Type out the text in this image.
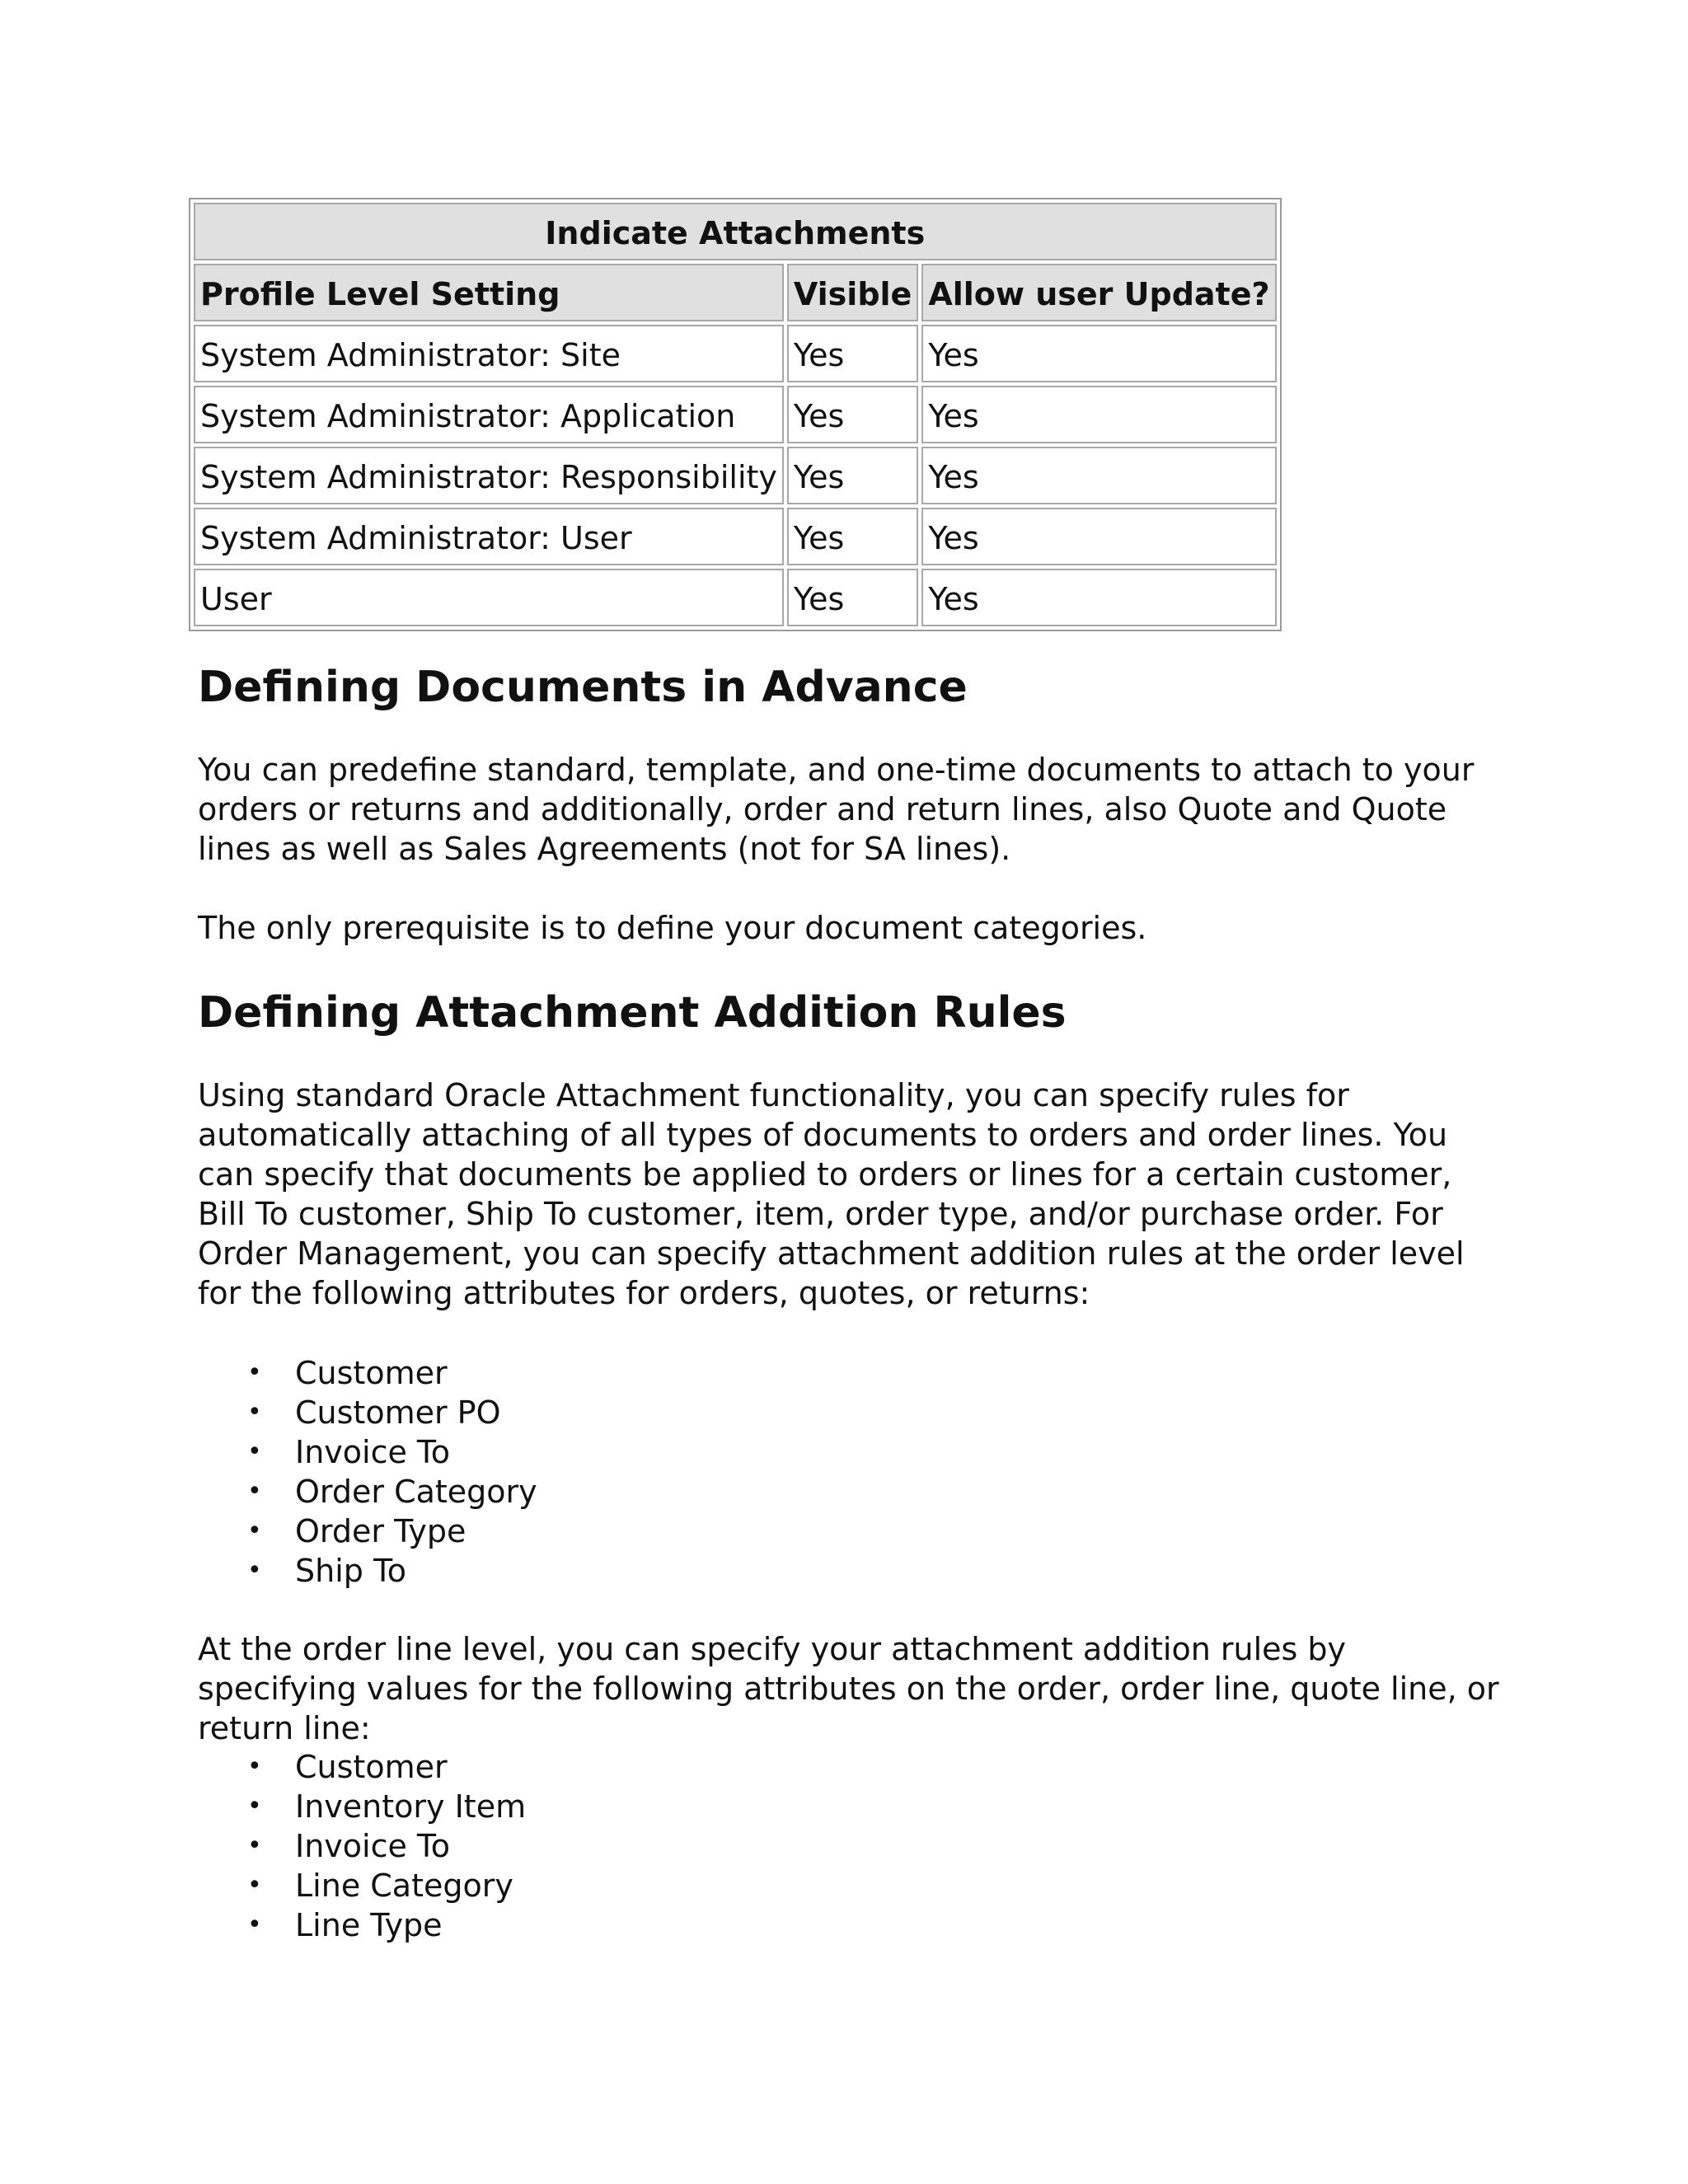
Indicate Attachments		
Profile Level Setting	Visible	Allow user Update?
System Administrator: Site	Yes	Yes
System Administrator: Application	Yes	Yes
System Administrator: Responsibility	Yes	Yes
System Administrator: User	Yes	Yes
User	Yes	Yes
Defining Documents in Advance

You can predefine standard, template, and one-time documents to attach to your orders or returns and additionally, order and return lines, also Quote and Quote lines as well as Sales Agreements (not for SA lines).

The only prerequisite is to define your document categories.

Defining Attachment Addition Rules

Using standard Oracle Attachment functionality, you can specify rules for automatically attaching of all types of documents to orders and order lines. You can specify that documents be applied to orders or lines for a certain customer, Bill To customer, Ship To customer, item, order type, and/or purchase order. For Order Management, you can specify attachment addition rules at the order level for the following attributes for orders, quotes, or returns:

• Customer
• Customer PO
• Invoice To
• Order Category
• Order Type
• Ship To

At the order line level, you can specify your attachment addition rules by specifying values for the following attributes on the order, order line, quote line, or return line:

• Customer
• Inventory Item
• Invoice To
• Line Category
• Line Type
